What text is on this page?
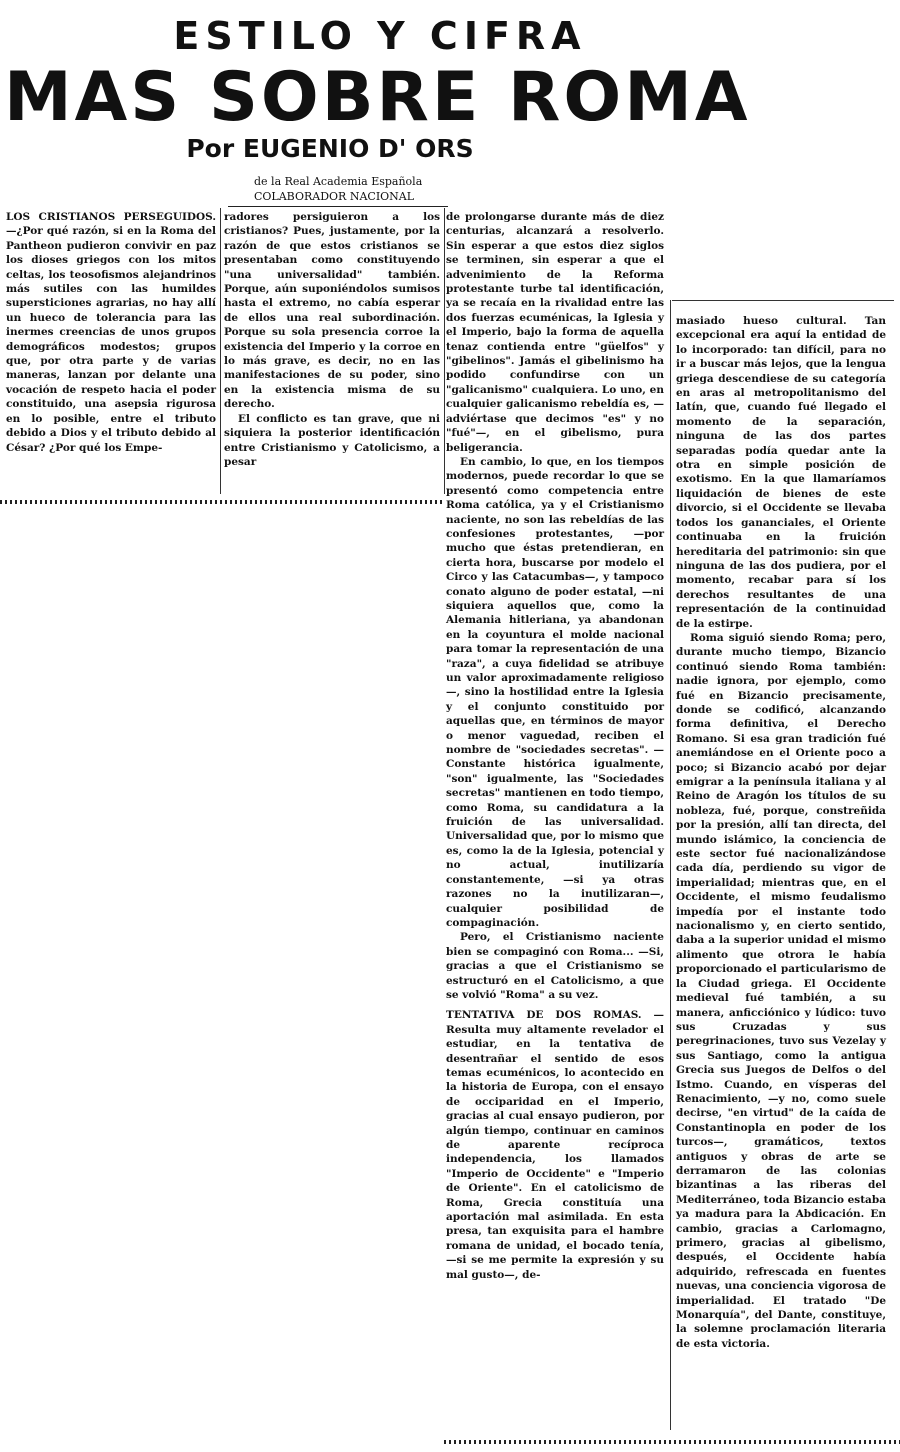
ESTILO Y CIFRA
MAS SOBRE ROMA
Por EUGENIO D' ORS
de la Real Academia Española
COLABORADOR NACIONAL

LOS CRISTIANOS PERSEGUIDOS. —¿Por qué razón, si en la Roma del Pantheon pudieron convivir en paz los dioses griegos con los mitos celtas, los teosofismos alejandrinos más sutiles con las humildes supersticiones agrarias, no hay allí un hueco de tolerancia para las inermes creencias de unos grupos demográficos modestos; grupos que, por otra parte y de varias maneras, lanzan por delante una vocación de respeto hacia el poder constituido, una asepsia rigurosa en lo posible, entre el tributo debido a Dios y el tributo debido al César? ¿Por qué los Empe-

radores persiguieron a los cristianos? Pues, justamente, por la razón de que estos cristianos se presentaban como constituyendo "una universalidad" también. Porque, aún suponiéndolos sumisos hasta el extremo, no cabía esperar de ellos una real subordinación. Porque su sola presencia corroe la existencia del Imperio y la corroe en lo más grave, es decir, no en las manifestaciones de su poder, sino en la existencia misma de su derecho.

El conflicto es tan grave, que ni siquiera la posterior identificación entre Cristianismo y Catolicismo, a pesar

de prolongarse durante más de diez centurias, alcanzará a resolverlo. Sin esperar a que estos diez siglos se terminen, sin esperar a que el advenimiento de la Reforma protestante turbe tal identificación, ya se recaía en la rivalidad entre las dos fuerzas ecuménicas, la Iglesia y el Imperio, bajo la forma de aquella tenaz contienda entre "güelfos" y "gibelinos". Jamás el gibelinismo ha podido confundirse con un "galicanismo" cualquiera. Lo uno, en cualquier galicanismo rebeldía es, —adviértase que decimos "es" y no "fué"—, en el gibelismo, pura beligerancia.

En cambio, lo que, en los tiempos modernos, puede recordar lo que se presentó como competencia entre Roma católica, ya y el Cristianismo naciente, no son las rebeldías de las confesiones protestantes, —por mucho que éstas pretendieran, en cierta hora, buscarse por modelo el Circo y las Catacumbas—, y tampoco conato alguno de poder estatal, —ni siquiera aquellos que, como la Alemania hitleriana, ya abandonan en la coyuntura el molde nacional para tomar la representación de una "raza", a cuya fidelidad se atribuye un valor aproximadamente religioso—, sino la hostilidad entre la Iglesia y el conjunto constituido por aquellas que, en términos de mayor o menor vaguedad, reciben el nombre de "sociedades secretas". — Constante histórica igualmente, "son" igualmente, las "Sociedades secretas" mantienen en todo tiempo, como Roma, su candidatura a la fruición de las universalidad. Universalidad que, por lo mismo que es, como la de la Iglesia, potencial y no actual, inutilizaría constantemente, —si ya otras razones no la inutilizaran—, cualquier posibilidad de compaginación.

Pero, el Cristianismo naciente bien se compaginó con Roma... —Si, gracias a que el Cristianismo se estructuró en el Catolicismo, a que se volvió "Roma" a su vez.

TENTATIVA DE DOS ROMAS. — Resulta muy altamente revelador el estudiar, en la tentativa de desentrañar el sentido de esos temas ecuménicos, lo acontecido en la historia de Europa, con el ensayo de occiparidad en el Imperio, gracias al cual ensayo pudieron, por algún tiempo, continuar en caminos de aparente recíproca independencia, los llamados "Imperio de Occidente" e "Imperio de Oriente". En el catolicismo de Roma, Grecia constituía una aportación mal asimilada. En esta presa, tan exquisita para el hambre romana de unidad, el bocado tenía, —si se me permite la expresión y su mal gusto—, de-

masiado hueso cultural. Tan excepcional era aquí la entidad de lo incorporado: tan difícil, para no ir a buscar más lejos, que la lengua griega descendiese de su categoría en aras al metropolitanismo del latín, que, cuando fué llegado el momento de la separación, ninguna de las dos partes separadas podía quedar ante la otra en simple posición de exotismo. En la que llamaríamos liquidación de bienes de este divorcio, si el Occidente se llevaba todos los gananciales, el Oriente continuaba en la fruición hereditaria del patrimonio: sin que ninguna de las dos pudiera, por el momento, recabar para sí los derechos resultantes de una representación de la continuidad de la estirpe.

Roma siguió siendo Roma; pero, durante mucho tiempo, Bizancio continuó siendo Roma también: nadie ignora, por ejemplo, como fué en Bizancio precisamente, donde se codificó, alcanzando forma definitiva, el Derecho Romano. Si esa gran tradición fué anemiándose en el Oriente poco a poco; si Bizancio acabó por dejar emigrar a la península italiana y al Reino de Aragón los títulos de su nobleza, fué, porque, constreñida por la presión, allí tan directa, del mundo islámico, la conciencia de este sector fué nacionalizándose cada día, perdiendo su vigor de imperialidad; mientras que, en el Occidente, el mismo feudalismo impedía por el instante todo nacionalismo y, en cierto sentido, daba a la superior unidad el mismo alimento que otrora le había proporcionado el particularismo de la Ciudad griega. El Occidente medieval fué también, a su manera, anficciónico y lúdico: tuvo sus Cruzadas y sus peregrinaciones, tuvo sus Vezelay y sus Santiago, como la antigua Grecia sus Juegos de Delfos o del Istmo. Cuando, en vísperas del Renacimiento, —y no, como suele decirse, "en virtud" de la caída de Constantinopla en poder de los turcos—, gramáticos, textos antiguos y obras de arte se derramaron de las colonias bizantinas a las riberas del Mediterráneo, toda Bizancio estaba ya madura para la Abdicación. En cambio, gracias a Carlomagno, primero, gracias al gibelismo, después, el Occidente había adquirido, refrescada en fuentes nuevas, una conciencia vigorosa de imperialidad. El tratado "De Monarquía", del Dante, constituye, la solemne proclamación literaria de esta victoria.
